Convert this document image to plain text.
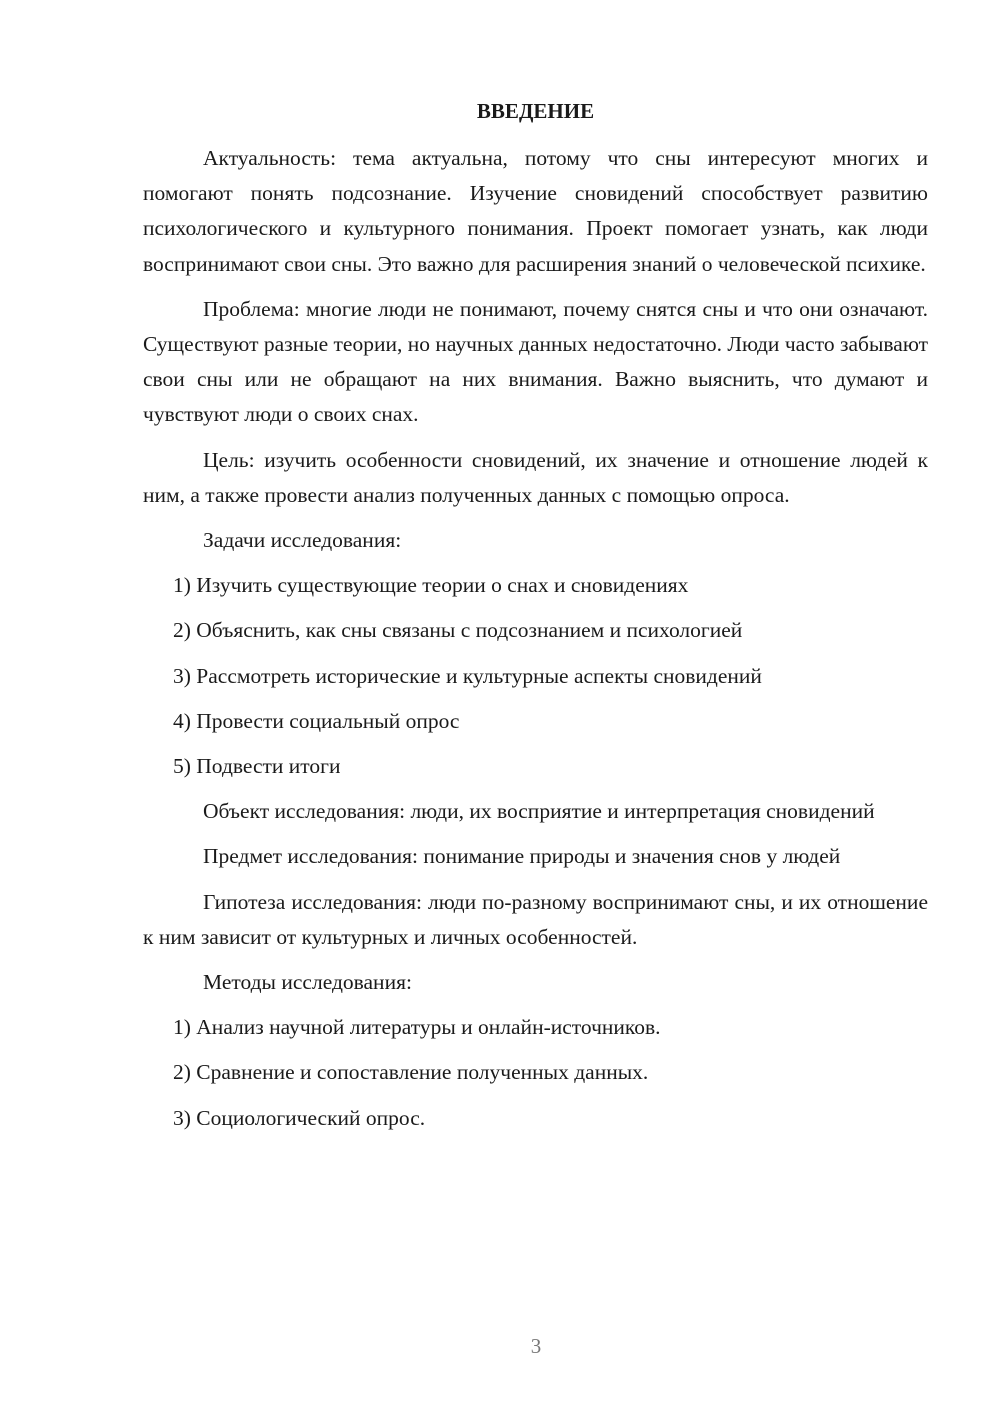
ВВЕДЕНИЕ

Актуальность: тема актуальна, потому что сны интересуют многих и помогают понять подсознание. Изучение сновидений способствует развитию психологического и культурного понимания. Проект помогает узнать, как люди воспринимают свои сны. Это важно для расширения знаний о человеческой психике.

Проблема: многие люди не понимают, почему снятся сны и что они означают. Существуют разные теории, но научных данных недостаточно. Люди часто забывают свои сны или не обращают на них внимания. Важно выяснить, что думают и чувствуют люди о своих снах.

Цель: изучить особенности сновидений, их значение и отношение людей к ним, а также провести анализ полученных данных с помощью опроса.

Задачи исследования:

1) Изучить существующие теории о снах и сновидениях
2) Объяснить, как сны связаны с подсознанием и психологией
3) Рассмотреть исторические и культурные аспекты сновидений
4) Провести социальный опрос
5) Подвести итоги

Объект исследования: люди, их восприятие и интерпретация сновидений

Предмет исследования: понимание природы и значения снов у людей

Гипотеза исследования: люди по-разному воспринимают сны, и их отношение к ним зависит от культурных и личных особенностей.

Методы исследования:

1) Анализ научной литературы и онлайн-источников.
2) Сравнение и сопоставление полученных данных.
3) Социологический опрос.
3
